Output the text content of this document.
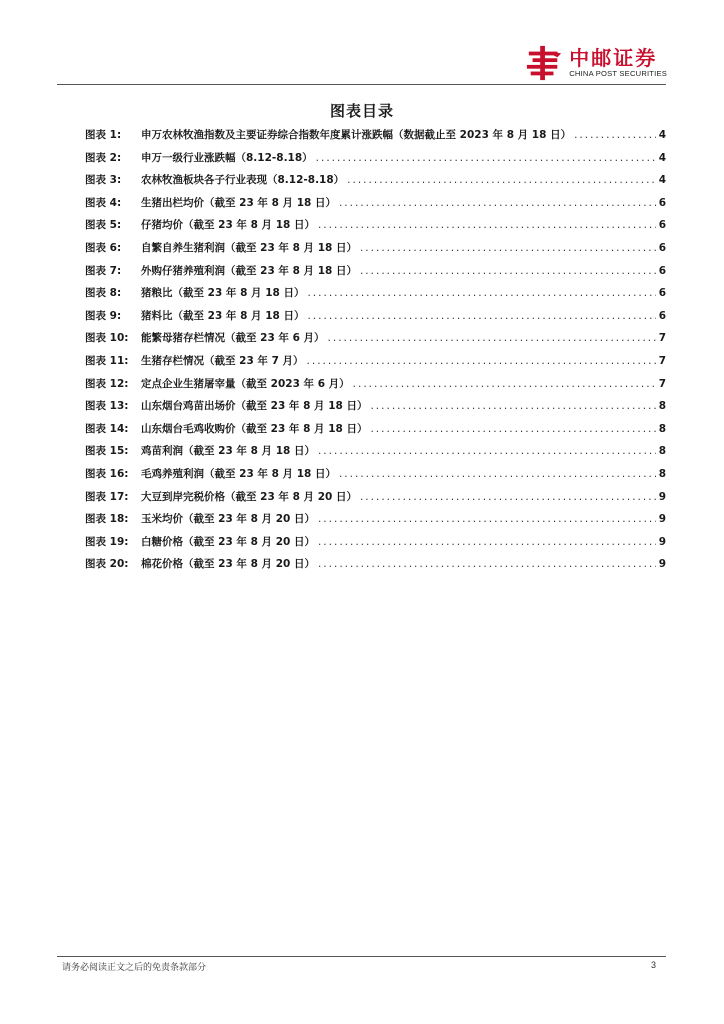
中邮证券
CHINA POST SECURITIES
图表目录
图表 1:	申万农林牧渔指数及主要证券综合指数年度累计涨跌幅（数据截止至 2023 年 8 月 18 日） .....	4
图表 2:	申万一级行业涨跌幅（8.12-8.18） .....	4
图表 3:	农林牧渔板块各子行业表现（8.12-8.18） .....	4
图表 4:	生猪出栏均价（截至 23 年 8 月 18 日） .....	6
图表 5:	仔猪均价（截至 23 年 8 月 18 日） .....	6
图表 6:	自繁自养生猪利润（截至 23 年 8 月 18 日） .....	6
图表 7:	外购仔猪养殖利润（截至 23 年 8 月 18 日） .....	6
图表 8:	猪粮比（截至 23 年 8 月 18 日） .....	6
图表 9:	猪料比（截至 23 年 8 月 18 日） .....	6
图表 10:	能繁母猪存栏情况（截至 23 年 6 月） .....	7
图表 11:	生猪存栏情况（截至 23 年 7 月） .....	7
图表 12:	定点企业生猪屠宰量（截至 2023 年 6 月） .....	7
图表 13:	山东烟台鸡苗出场价（截至 23 年 8 月 18 日） .....	8
图表 14:	山东烟台毛鸡收购价（截至 23 年 8 月 18 日） .....	8
图表 15:	鸡苗利润（截至 23 年 8 月 18 日） .....	8
图表 16:	毛鸡养殖利润（截至 23 年 8 月 18 日） .....	8
图表 17:	大豆到岸完税价格（截至 23 年 8 月 20 日） .....	9
图表 18:	玉米均价（截至 23 年 8 月 20 日） .....	9
图表 19:	白糖价格（截至 23 年 8 月 20 日） .....	9
图表 20:	棉花价格（截至 23 年 8 月 20 日） .....	9
请务必阅读正文之后的免责条款部分	3
